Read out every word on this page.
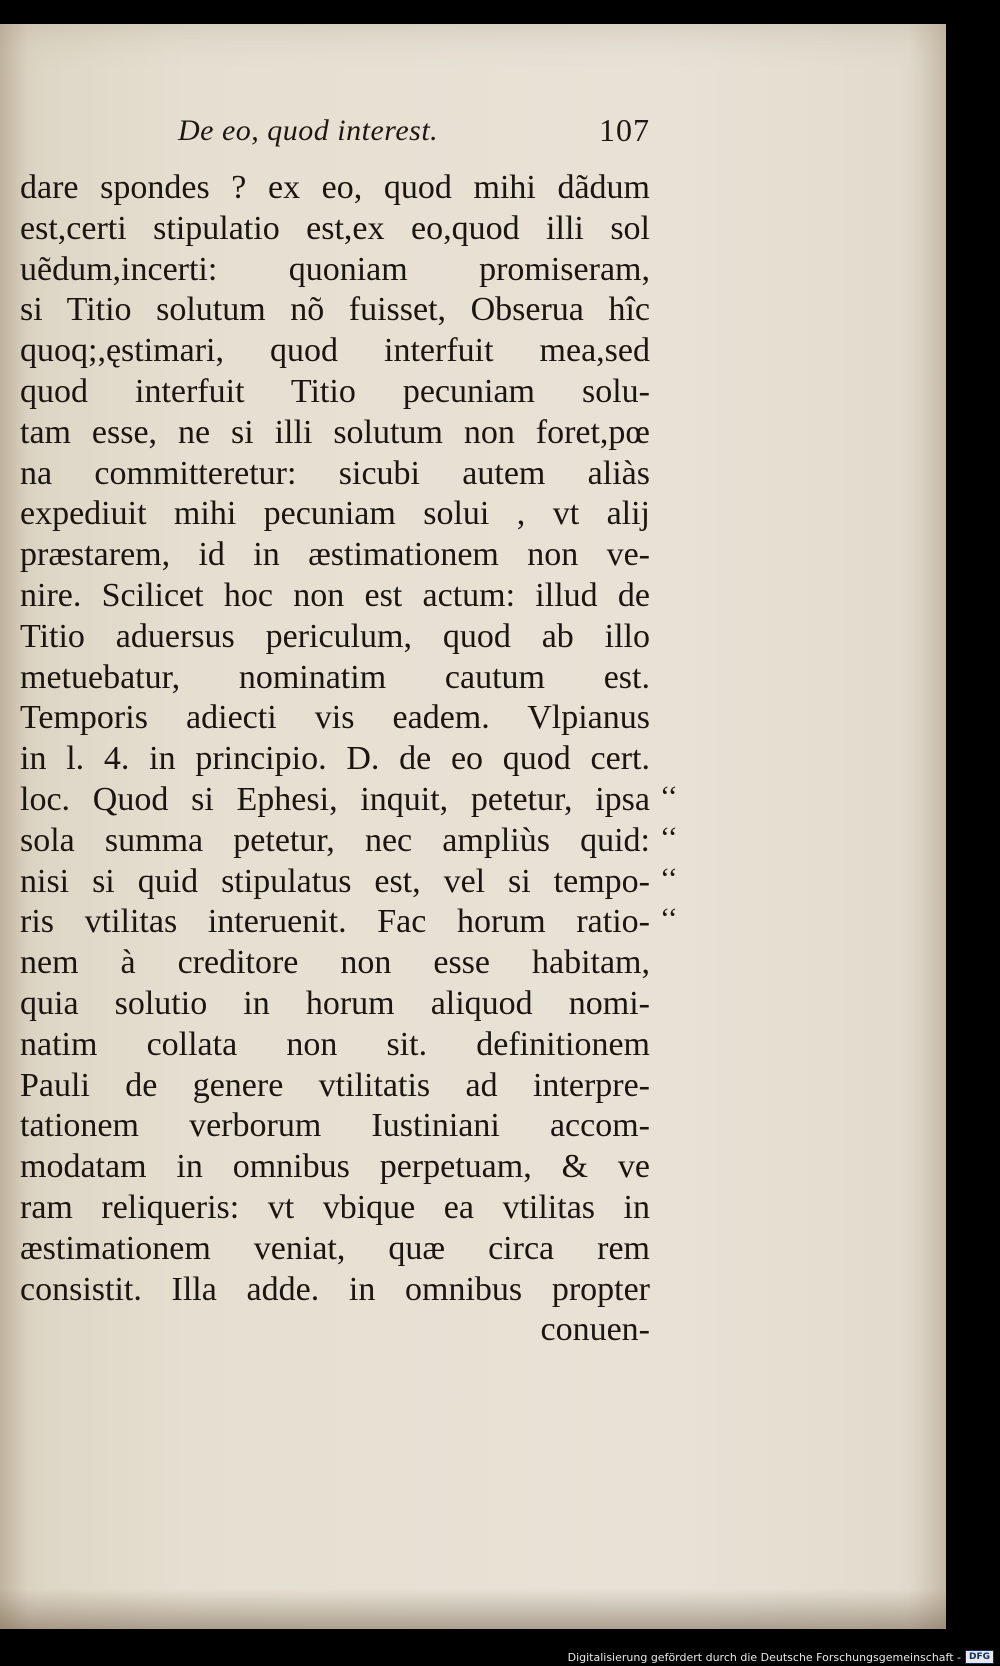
De eo, quod interest.	107
dare spondes ? ex eo, quod mihi dãdum
est,certi stipulatio est,ex eo,quod illi sol
uẽdum,incerti: quoniam promiseram,
si Titio solutum nõ fuisset, Obserua hîc
quoq;,ęstimari, quod interfuit mea,sed
quod interfuit Titio pecuniam solu-
tam esse, ne si illi solutum non foret,pœ
na committeretur: sicubi autem aliàs
expediuit mihi pecuniam solui , vt alij
præstarem, id in æstimationem non ve-
nire. Scilicet hoc non est actum: illud de
Titio aduersus periculum, quod ab illo
metuebatur, nominatim cautum est.
Temporis adiecti vis eadem. Vlpianus
in l. 4. in principio. D. de eo quod cert.
loc. Quod si Ephesi, inquit, petetur, ipsa
sola summa petetur, nec ampliùs quid:
nisi si quid stipulatus est, vel si tempo-
ris vtilitas interuenit. Fac horum ratio-
nem à creditore non esse habitam,
quia solutio in horum aliquod nomi-
natim collata non sit. definitionem
Pauli de genere vtilitatis ad interpre-
tationem verborum Iustiniani accom-
modatam in omnibus perpetuam, & ve
ram reliqueris: vt vbique ea vtilitas in
æstimationem veniat, quæ circa rem
consistit. Illa adde. in omnibus propter
conuen-
‘‘
‘‘
‘‘
‘‘
Digitalisierung gefördert durch die Deutsche Forschungsgemeinschaft - DFG
